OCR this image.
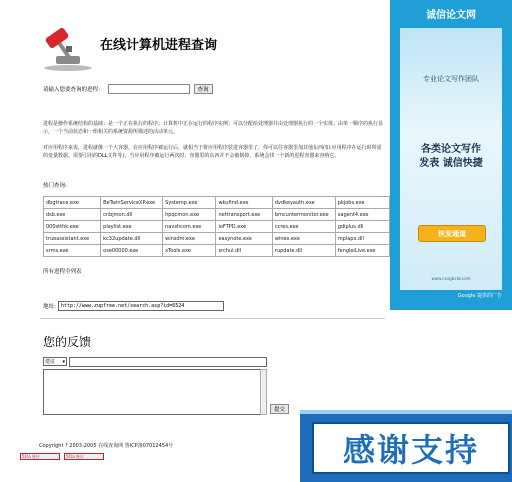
在线计算机进程查询
请输入您要查询的进程：	查询
进程是操作系统结构的基础；是一个正在执行的程序；计算机中正在运行的程序实例；可以分配给处理器并由处理器执行的一个实体；由单一顺序的执行显示，一个当前状态和一组相关的系统资源所描述的活动单元。
对应用程序来说，进程就像一个大容器。在应用程序被运行后，就相当于将应用程序装进容器里了，你可以往容器里加其他东西(如:应用程序在运行时所需的变量数据、需要引用的DLL文件等)，当应用程序被运行两次时，容器里的东西并不会被倒掉，系统会找一个新的进程容器来容纳它。
热门查询:
dbgtrace.exe	BeTwinServiceXP.exe	Systemp.exe	wkufind.exe	dvdkeyauth.exe	pkjobs.exe
dsb.exe	cnbjmon.dll	hpqcmon.exe	nettransport.exe	bmcuntermonitor.exe	sagent4.exe
000stthk.exe	playlist.exe	navshcom.exe	ioFTPD.exe	ccres.exe	gdiplus.dll
trueassistant.exe	kc32update.dll	winsdm.exe	easynote.exe	winex.exe	mplapx.dll
srms.exe	ose00000.exe	xTools.exe	srchui.dll	rupdate.dll	fengleiLive.exe
所有进程全列表
地址:
http://www.zupfree.net/search.asp?id=6524
您的反馈
建议 ▾
提交
Copyright ? 2003-2005 在线查询网 鲁ICP备07012454号
51la 统计	51la 统计
诚信论文网
专业论文写作团队
各类论文写作
发表 诚信快捷
快发通道
www.cxxgbxlw.com
Google 提供的广告
感谢支持
